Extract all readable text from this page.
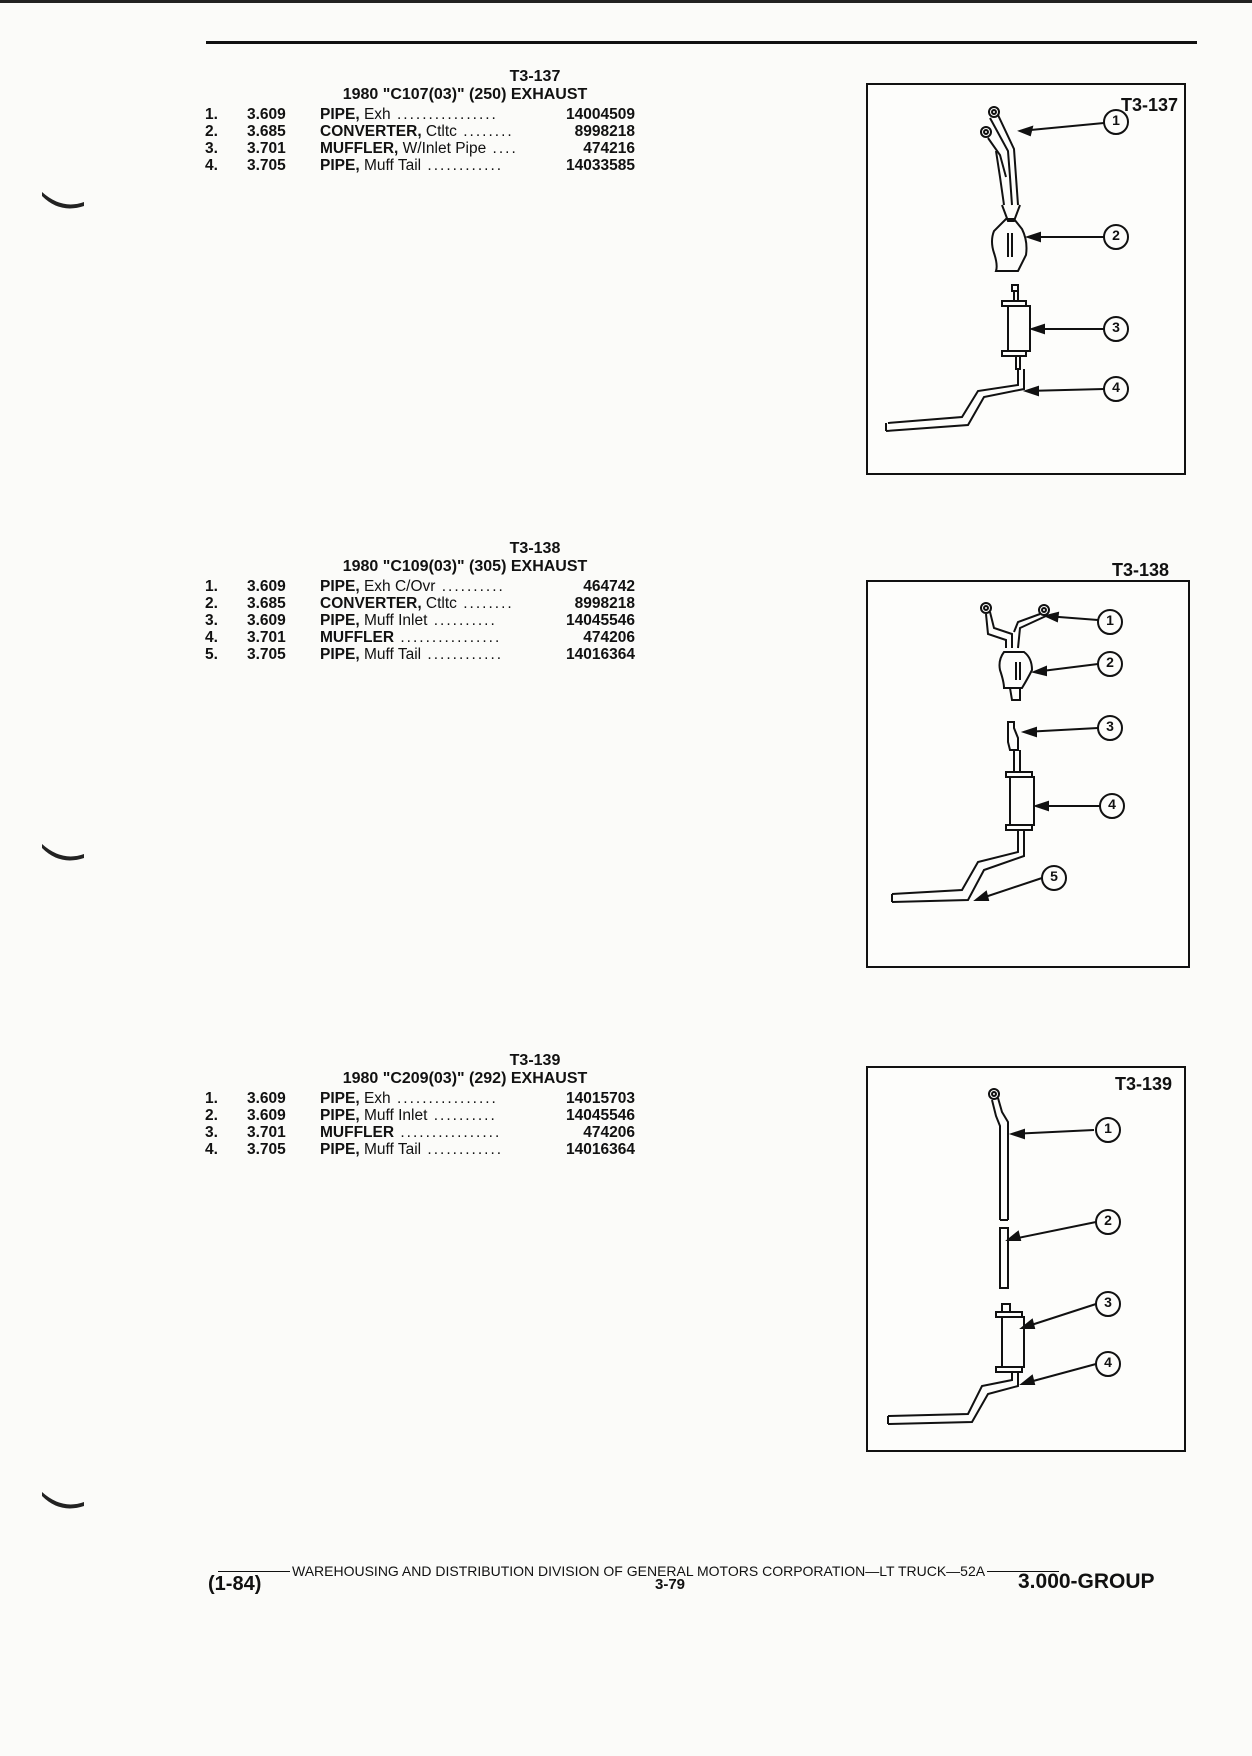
T3-137
1980 "C107(03)" (250) EXHAUST
1.	3.609	PIPE, Exh ................	14004509
2.	3.685	CONVERTER, Ctltc ........	8998218
3.	3.701	MUFFLER, W/Inlet Pipe ....	474216
4.	3.705	PIPE, Muff Tail ............	14033585
T3-138
1980 "C109(03)" (305) EXHAUST
1.	3.609	PIPE, Exh C/Ovr ..........	464742
2.	3.685	CONVERTER, Ctltc ........	8998218
3.	3.609	PIPE, Muff Inlet ..........	14045546
4.	3.701	MUFFLER ................	474206
5.	3.705	PIPE, Muff Tail ............	14016364
T3-139
1980 "C209(03)" (292) EXHAUST
1.	3.609	PIPE, Exh ................	14015703
2.	3.609	PIPE, Muff Inlet ..........	14045546
3.	3.701	MUFFLER ................	474206
4.	3.705	PIPE, Muff Tail ............	14016364
T3-137
1
2
3
4
T3-138
1
2
3
4
5
T3-139
1
2
3
4
WAREHOUSING AND DISTRIBUTION DIVISION OF GENERAL MOTORS CORPORATION—LT TRUCK—52A
(1-84)	3-79	3.000-GROUP
